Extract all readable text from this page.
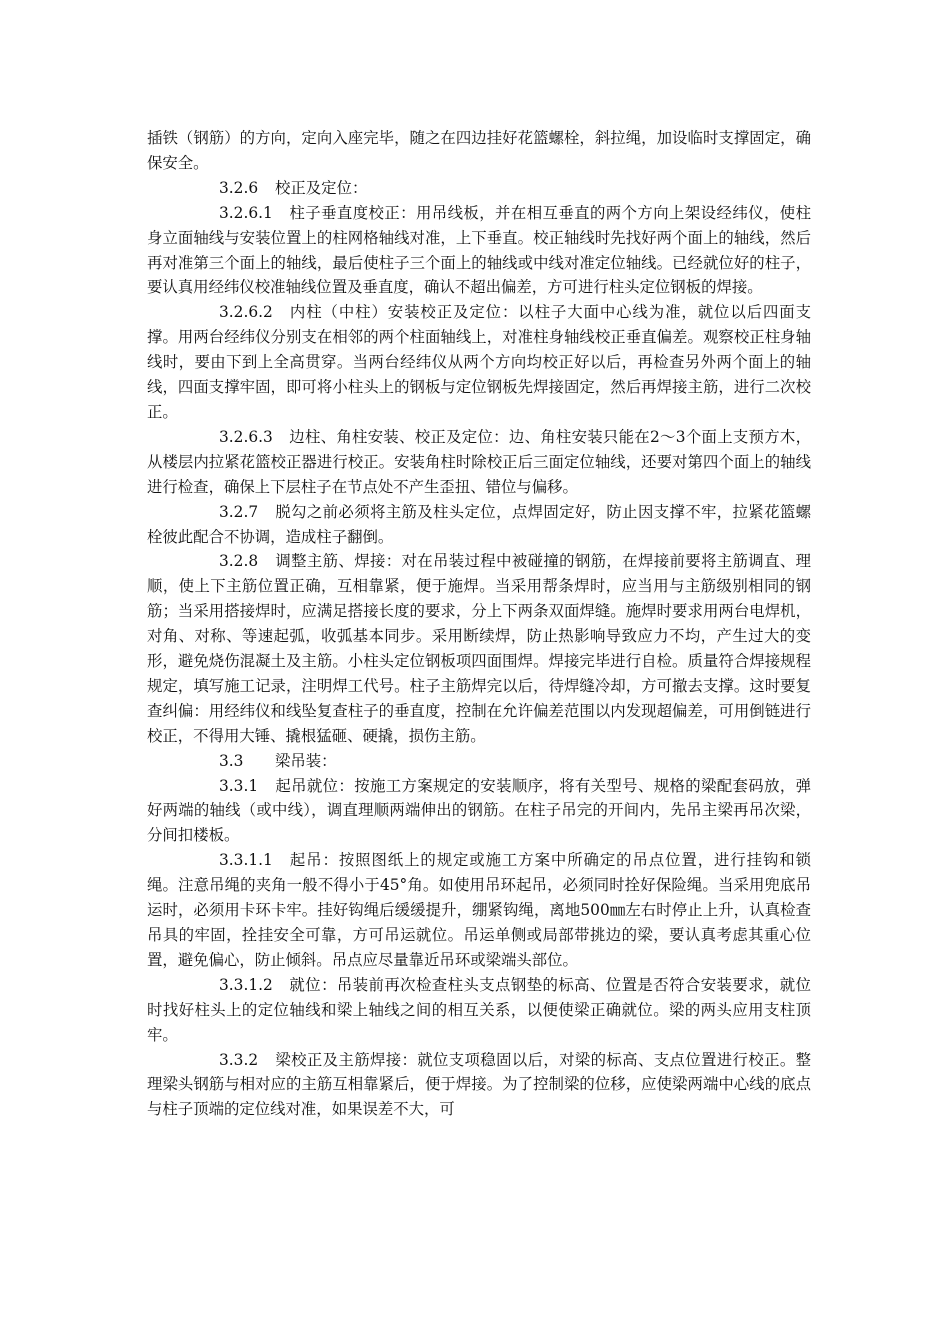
插铁（钢筋）的方向，定向入座完毕，随之在四边挂好花篮螺栓，斜拉绳，加设临时支撑固定，确保安全。

3.2.6 校正及定位：

3.2.6.1 柱子垂直度校正：用吊线板，并在相互垂直的两个方向上架设经纬仪，使柱身立面轴线与安装位置上的柱网格轴线对准，上下垂直。校正轴线时先找好两个面上的轴线，然后再对准第三个面上的轴线，最后使柱子三个面上的轴线或中线对准定位轴线。已经就位好的柱子，要认真用经纬仪校准轴线位置及垂直度，确认不超出偏差，方可进行柱头定位钢板的焊接。

3.2.6.2 内柱（中柱）安装校正及定位：以柱子大面中心线为准，就位以后四面支撑。用两台经纬仪分别支在相邻的两个柱面轴线上，对准柱身轴线校正垂直偏差。观察校正柱身轴线时，要由下到上全高贯穿。当两台经纬仪从两个方向均校正好以后，再检查另外两个面上的轴线，四面支撑牢固，即可将小柱头上的钢板与定位钢板先焊接固定，然后再焊接主筋，进行二次校正。

3.2.6.3 边柱、角柱安装、校正及定位：边、角柱安装只能在2～3个面上支预方木，从楼层内拉紧花篮校正器进行校正。安装角柱时除校正后三面定位轴线，还要对第四个面上的轴线进行检查，确保上下层柱子在节点处不产生歪扭、错位与偏移。

3.2.7 脱勾之前必须将主筋及柱头定位，点焊固定好，防止因支撑不牢，拉紧花篮螺栓彼此配合不协调，造成柱子翻倒。

3.2.8 调整主筋、焊接：对在吊装过程中被碰撞的钢筋，在焊接前要将主筋调直、理顺，使上下主筋位置正确，互相靠紧，便于施焊。当采用帮条焊时，应当用与主筋级别相同的钢筋；当采用搭接焊时，应满足搭接长度的要求，分上下两条双面焊缝。施焊时要求用两台电焊机，对角、对称、等速起弧，收弧基本同步。采用断续焊，防止热影响导致应力不均，产生过大的变形，避免烧伤混凝土及主筋。小柱头定位钢板项四面围焊。焊接完毕进行自检。质量符合焊接规程规定，填写施工记录，注明焊工代号。柱子主筋焊完以后，待焊缝冷却，方可撤去支撑。这时要复查纠偏：用经纬仪和线坠复查柱子的垂直度，控制在允许偏差范围以内发现超偏差，可用倒链进行校正，不得用大锤、撬根猛砸、硬撬，损伤主筋。

3.3 梁吊装：

3.3.1 起吊就位：按施工方案规定的安装顺序，将有关型号、规格的梁配套码放，弹好两端的轴线（或中线），调直理顺两端伸出的钢筋。在柱子吊完的开间内，先吊主梁再吊次梁，分间扣楼板。

3.3.1.1 起吊：按照图纸上的规定或施工方案中所确定的吊点位置，进行挂钩和锁绳。注意吊绳的夹角一般不得小于45°角。如使用吊环起吊，必须同时拴好保险绳。当采用兜底吊运时，必须用卡环卡牢。挂好钩绳后缓缓提升，绷紧钩绳，离地500㎜左右时停止上升，认真检查吊具的牢固，拴挂安全可靠，方可吊运就位。吊运单侧或局部带挑边的梁，要认真考虑其重心位置，避免偏心，防止倾斜。吊点应尽量靠近吊环或梁端头部位。

3.3.1.2 就位：吊装前再次检查柱头支点钢垫的标高、位置是否符合安装要求，就位时找好柱头上的定位轴线和梁上轴线之间的相互关系，以便使梁正确就位。梁的两头应用支柱顶牢。

3.3.2 梁校正及主筋焊接：就位支项稳固以后，对梁的标高、支点位置进行校正。整理梁头钢筋与相对应的主筋互相靠紧后，便于焊接。为了控制梁的位移，应使梁两端中心线的底点与柱子顶端的定位线对准，如果误差不大，可
